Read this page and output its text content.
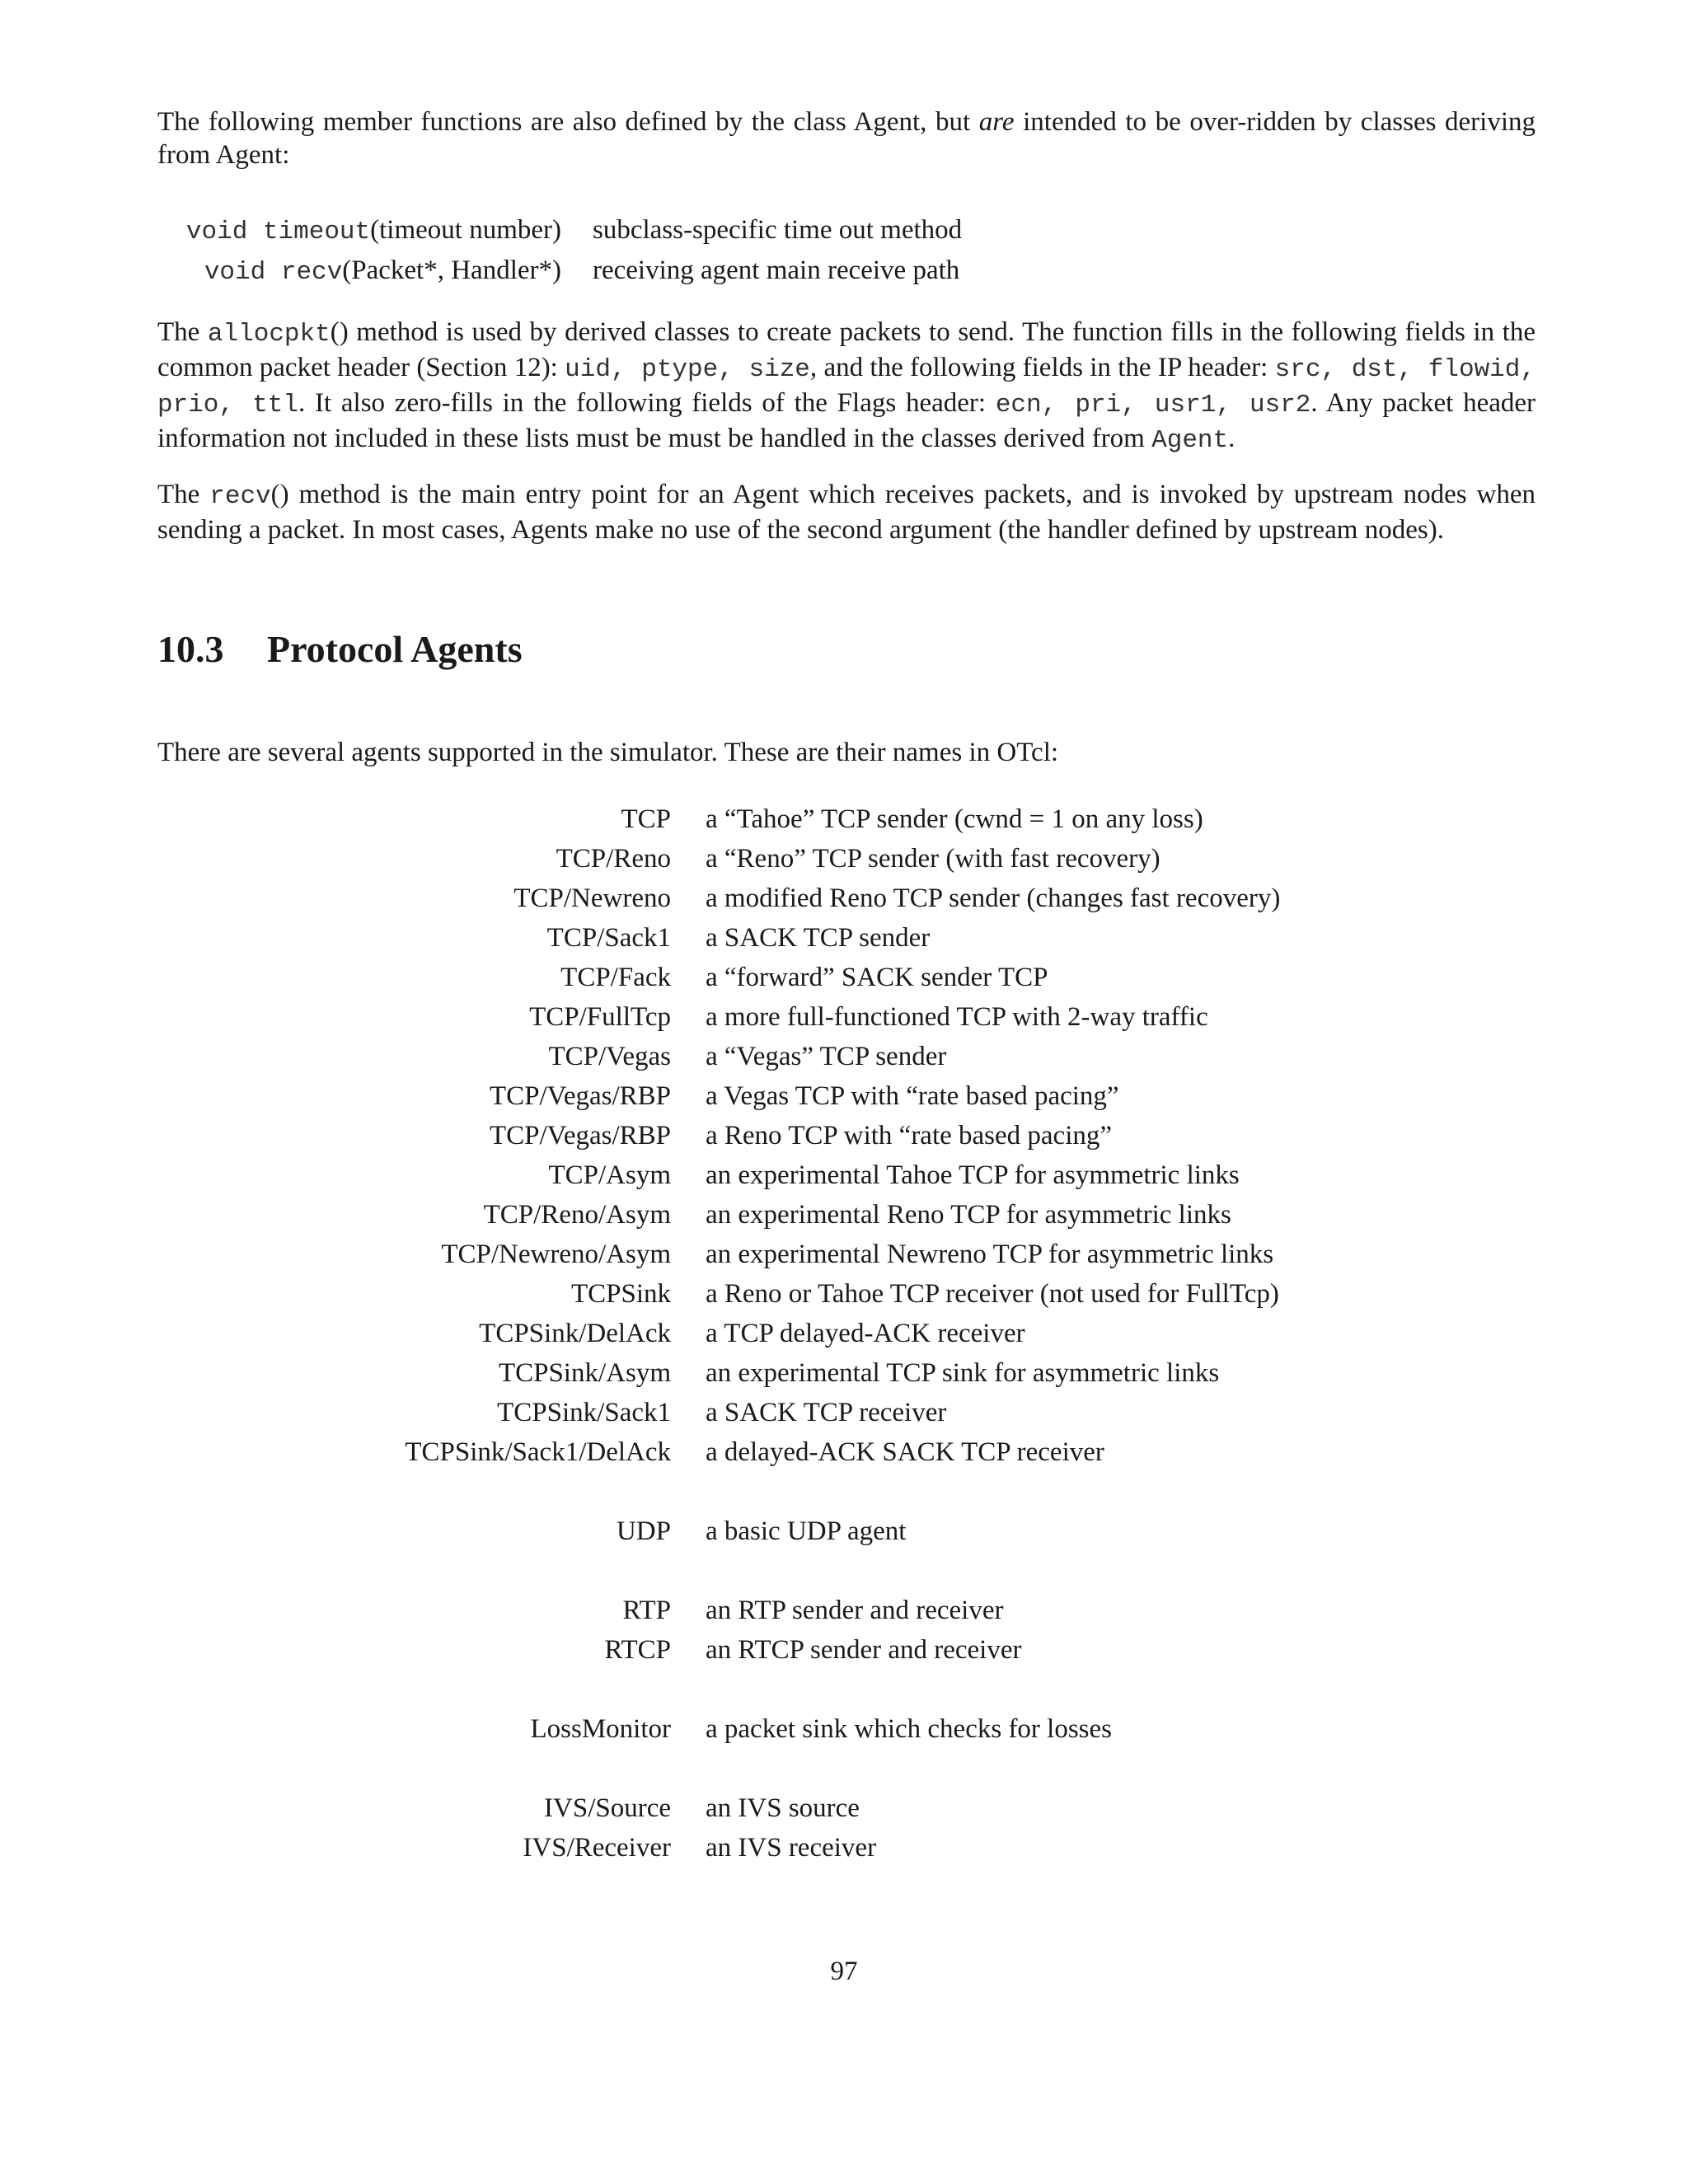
The following member functions are also defined by the class Agent, but are intended to be over-ridden by classes deriving from Agent:

void timeout(timeout number)	subclass-specific time out method
void recv(Packet*, Handler*)	receiving agent main receive path

The allocpkt() method is used by derived classes to create packets to send. The function fills in the following fields in the common packet header (Section 12): uid, ptype, size, and the following fields in the IP header: src, dst, flowid, prio, ttl. It also zero-fills in the following fields of the Flags header: ecn, pri, usr1, usr2. Any packet header information not included in these lists must be must be handled in the classes derived from Agent.

The recv() method is the main entry point for an Agent which receives packets, and is invoked by upstream nodes when sending a packet. In most cases, Agents make no use of the second argument (the handler defined by upstream nodes).

10.3 Protocol Agents

There are several agents supported in the simulator. These are their names in OTcl:

TCP a “Tahoe” TCP sender (cwnd = 1 on any loss)
TCP/Reno a “Reno” TCP sender (with fast recovery)
TCP/Newreno a modified Reno TCP sender (changes fast recovery)
TCP/Sack1 a SACK TCP sender
TCP/Fack a “forward” SACK sender TCP
TCP/FullTcp a more full-functioned TCP with 2-way traffic
TCP/Vegas a “Vegas” TCP sender
TCP/Vegas/RBP a Vegas TCP with “rate based pacing”
TCP/Vegas/RBP a Reno TCP with “rate based pacing”
TCP/Asym an experimental Tahoe TCP for asymmetric links
TCP/Reno/Asym an experimental Reno TCP for asymmetric links
TCP/Newreno/Asym an experimental Newreno TCP for asymmetric links
TCPSink a Reno or Tahoe TCP receiver (not used for FullTcp)
TCPSink/DelAck a TCP delayed-ACK receiver
TCPSink/Asym an experimental TCP sink for asymmetric links
TCPSink/Sack1 a SACK TCP receiver
TCPSink/Sack1/DelAck a delayed-ACK SACK TCP receiver
UDP a basic UDP agent
RTP an RTP sender and receiver
RTCP an RTCP sender and receiver
LossMonitor a packet sink which checks for losses
IVS/Source an IVS source
IVS/Receiver an IVS receiver
97
